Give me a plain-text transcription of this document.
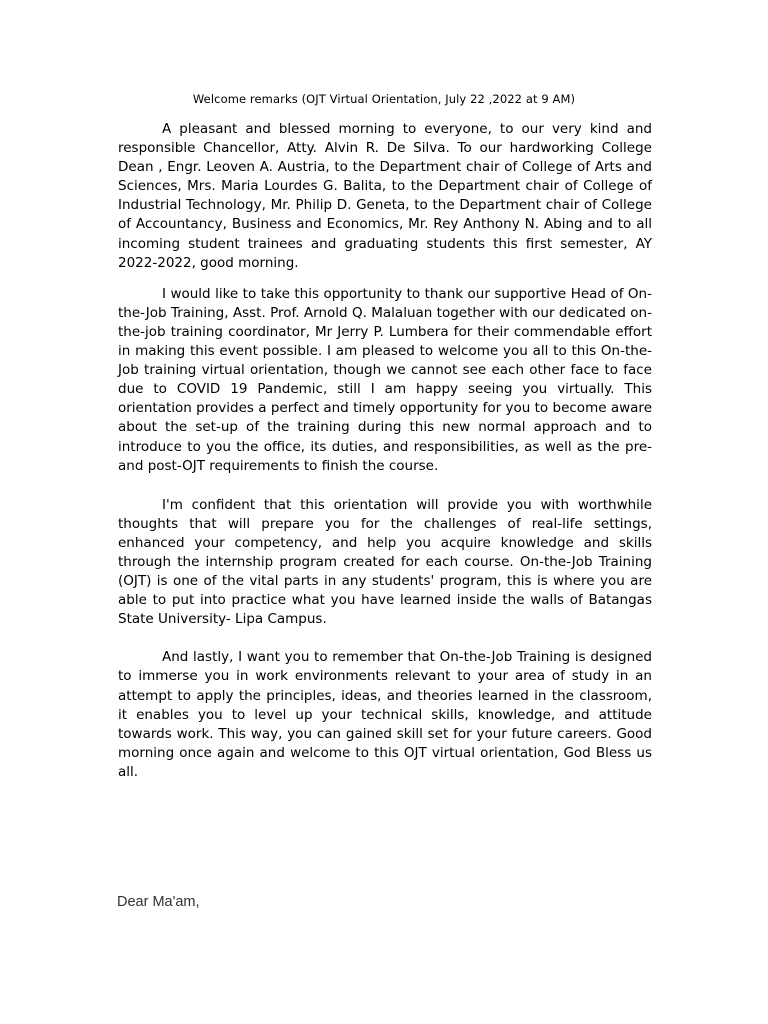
Welcome remarks (OJT Virtual Orientation, July 22 ,2022 at 9 AM)

A pleasant and blessed morning to everyone, to our very kind and responsible Chancellor, Atty. Alvin R. De Silva. To our hardworking College Dean , Engr. Leoven A. Austria, to the Department chair of College of Arts and Sciences, Mrs. Maria Lourdes G. Balita, to the Department chair of College of Industrial Technology, Mr. Philip D. Geneta, to the Department chair of College of Accountancy, Business and Economics, Mr. Rey Anthony N. Abing and to all incoming student trainees and graduating students this first semester, AY 2022-2022, good morning.

I would like to take this opportunity to thank our supportive Head of On-the-Job Training, Asst. Prof. Arnold Q. Malaluan together with our dedicated on-the-job training coordinator, Mr Jerry P. Lumbera for their commendable effort in making this event possible. I am pleased to welcome you all to this On-the-Job training virtual orientation, though we cannot see each other face to face due to COVID 19 Pandemic, still I am happy seeing you virtually. This orientation provides a perfect and timely opportunity for you to become aware about the set-up of the training during this new normal approach and to introduce to you the office, its duties, and responsibilities, as well as the pre- and post-OJT requirements to finish the course.

I'm confident that this orientation will provide you with worthwhile thoughts that will prepare you for the challenges of real-life settings, enhanced your competency, and help you acquire knowledge and skills through the internship program created for each course. On-the-Job Training (OJT) is one of the vital parts in any students' program, this is where you are able to put into practice what you have learned inside the walls of Batangas State University- Lipa Campus.

And lastly, I want you to remember that On-the-Job Training is designed to immerse you in work environments relevant to your area of study in an attempt to apply the principles, ideas, and theories learned in the classroom, it enables you to level up your technical skills, knowledge, and attitude towards work. This way, you can gained skill set for your future careers. Good morning once again and welcome to this OJT virtual orientation, God Bless us all.

Dear Ma'am,
